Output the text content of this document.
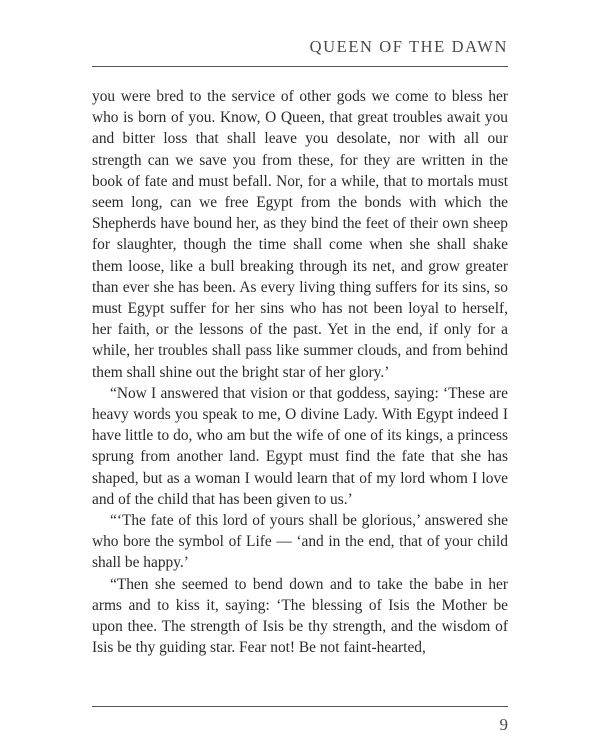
QUEEN OF THE DAWN

you were bred to the service of other gods we come to bless her who is born of you. Know, O Queen, that great troubles await you and bitter loss that shall leave you desolate, nor with all our strength can we save you from these, for they are written in the book of fate and must befall. Nor, for a while, that to mortals must seem long, can we free Egypt from the bonds with which the Shepherds have bound her, as they bind the feet of their own sheep for slaughter, though the time shall come when she shall shake them loose, like a bull breaking through its net, and grow greater than ever she has been. As every living thing suffers for its sins, so must Egypt suffer for her sins who has not been loyal to herself, her faith, or the lessons of the past. Yet in the end, if only for a while, her troubles shall pass like summer clouds, and from behind them shall shine out the bright star of her glory.’

“Now I answered that vision or that goddess, saying: ‘These are heavy words you speak to me, O divine Lady. With Egypt indeed I have little to do, who am but the wife of one of its kings, a princess sprung from another land. Egypt must find the fate that she has shaped, but as a woman I would learn that of my lord whom I love and of the child that has been given to us.’

“‘The fate of this lord of yours shall be glorious,’ answered she who bore the symbol of Life — ‘and in the end, that of your child shall be happy.’

“Then she seemed to bend down and to take the babe in her arms and to kiss it, saying: ‘The blessing of Isis the Mother be upon thee. The strength of Isis be thy strength, and the wisdom of Isis be thy guiding star. Fear not! Be not faint-hearted,

9
